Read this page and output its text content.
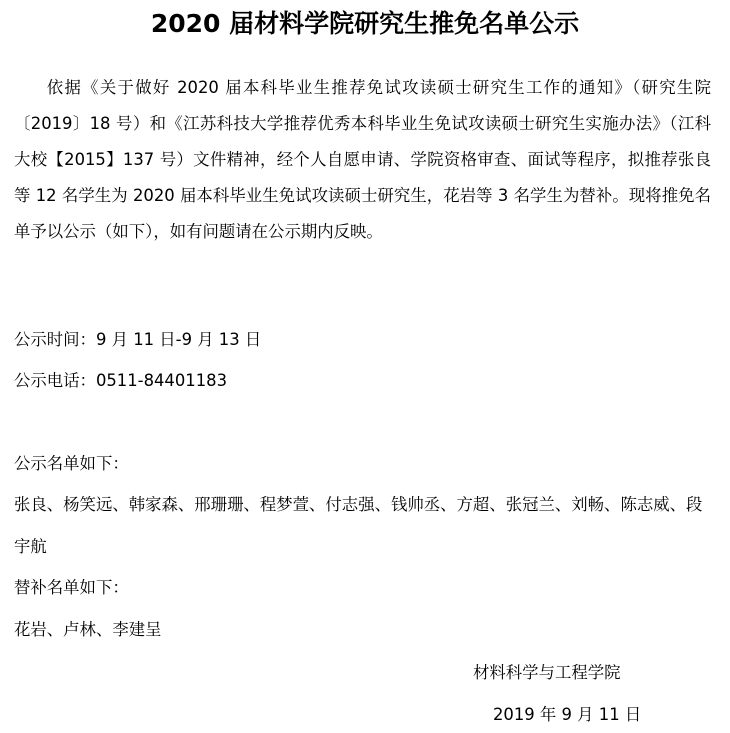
2020 届材料学院研究生推免名单公示

依据《关于做好 2020 届本科毕业生推荐免试攻读硕士研究生工作的通知》（研究生院〔2019〕18 号）和《江苏科技大学推荐优秀本科毕业生免试攻读硕士研究生实施办法》（江科大校【2015】137 号）文件精神，经个人自愿申请、学院资格审查、面试等程序，拟推荐张良等 12 名学生为 2020 届本科毕业生免试攻读硕士研究生，花岩等 3 名学生为替补。现将推免名单予以公示（如下），如有问题请在公示期内反映。

公示时间：9 月 11 日-9 月 13 日

公示电话：0511-84401183

公示名单如下：

张良、杨笑远、韩家森、邢珊珊、程梦萱、付志强、钱帅丞、方超、张冠兰、刘畅、陈志威、段宇航

替补名单如下：

花岩、卢林、李建呈

材料科学与工程学院

2019 年 9 月 11 日
